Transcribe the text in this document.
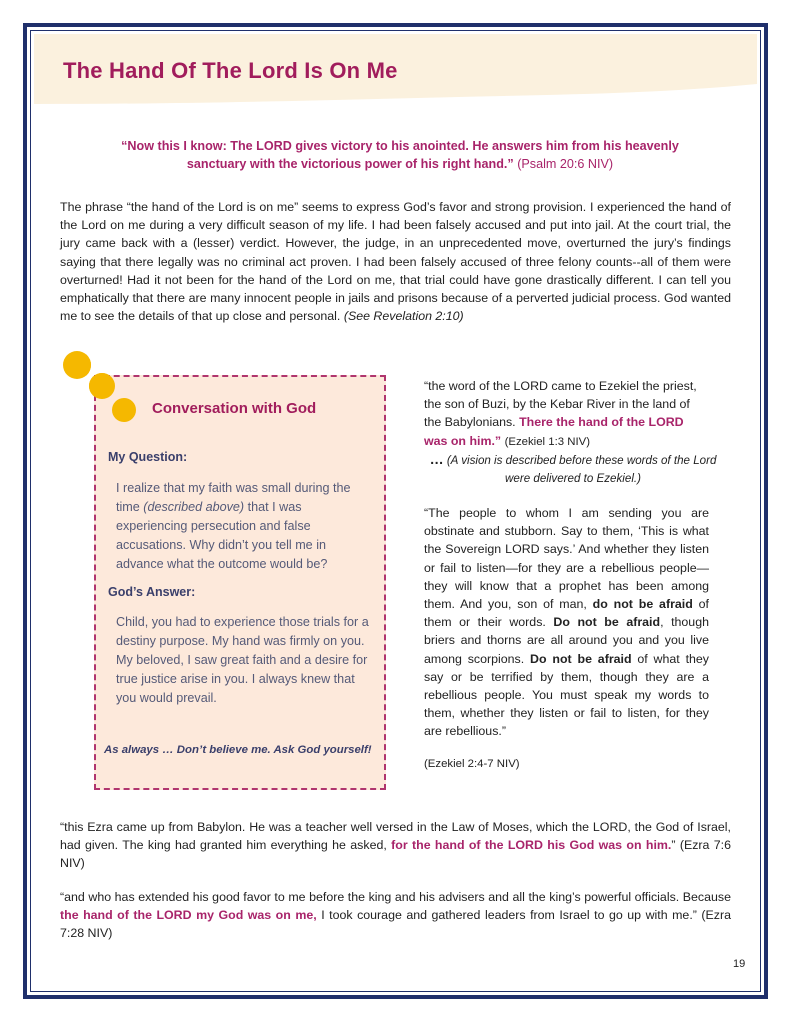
The Hand Of The Lord Is On Me

“Now this I know: The LORD gives victory to his anointed. He answers him from his heavenly sanctuary with the victorious power of his right hand.” (Psalm 20:6 NIV)

The phrase “the hand of the Lord is on me” seems to express God’s favor and strong provision. I experienced the hand of the Lord on me during a very difficult season of my life. I had been falsely accused and put into jail. At the court trial, the jury came back with a (lesser) verdict. However, the judge, in an unprecedented move, overturned the jury’s findings saying that there legally was no criminal act proven. I had been falsely accused of three felony counts--all of them were overturned! Had it not been for the hand of the Lord on me, that trial could have gone drastically different. I can tell you emphatically that there are many innocent people in jails and prisons because of a perverted judicial process. God wanted me to see the details of that up close and personal. (See Revelation 2:10)

Conversation with God
My Question:

I realize that my faith was small during the time (described above) that I was experiencing persecution and false accusations. Why didn’t you tell me in advance what the outcome would be?

God’s Answer:

Child, you had to experience those trials for a destiny purpose. My hand was firmly on you. My beloved, I saw great faith and a desire for true justice arise in you. I always knew that you would prevail.

As always … Don’t believe me. Ask God yourself!

“the word of the LORD came to Ezekiel the priest, the son of Buzi, by the Kebar River in the land of the Babylonians. There the hand of the LORD was on him.” (Ezekiel 1:3 NIV)

… (A vision is described before these words of the Lord were delivered to Ezekiel.)

“The people to whom I am sending you are obstinate and stubborn. Say to them, ‘This is what the Sovereign LORD says.’ And whether they listen or fail to listen—for they are a rebellious people—they will know that a prophet has been among them. And you, son of man, do not be afraid of them or their words. Do not be afraid, though briers and thorns are all around you and you live among scorpions. Do not be afraid of what they say or be terrified by them, though they are a rebellious people. You must speak my words to them, whether they listen or fail to listen, for they are rebellious.”

(Ezekiel 2:4-7 NIV)

“this Ezra came up from Babylon. He was a teacher well versed in the Law of Moses, which the LORD, the God of Israel, had given. The king had granted him everything he asked, for the hand of the LORD his God was on him.” (Ezra 7:6 NIV)

“and who has extended his good favor to me before the king and his advisers and all the king’s powerful officials. Because the hand of the LORD my God was on me, I took courage and gathered leaders from Israel to go up with me.” (Ezra 7:28 NIV)

19
